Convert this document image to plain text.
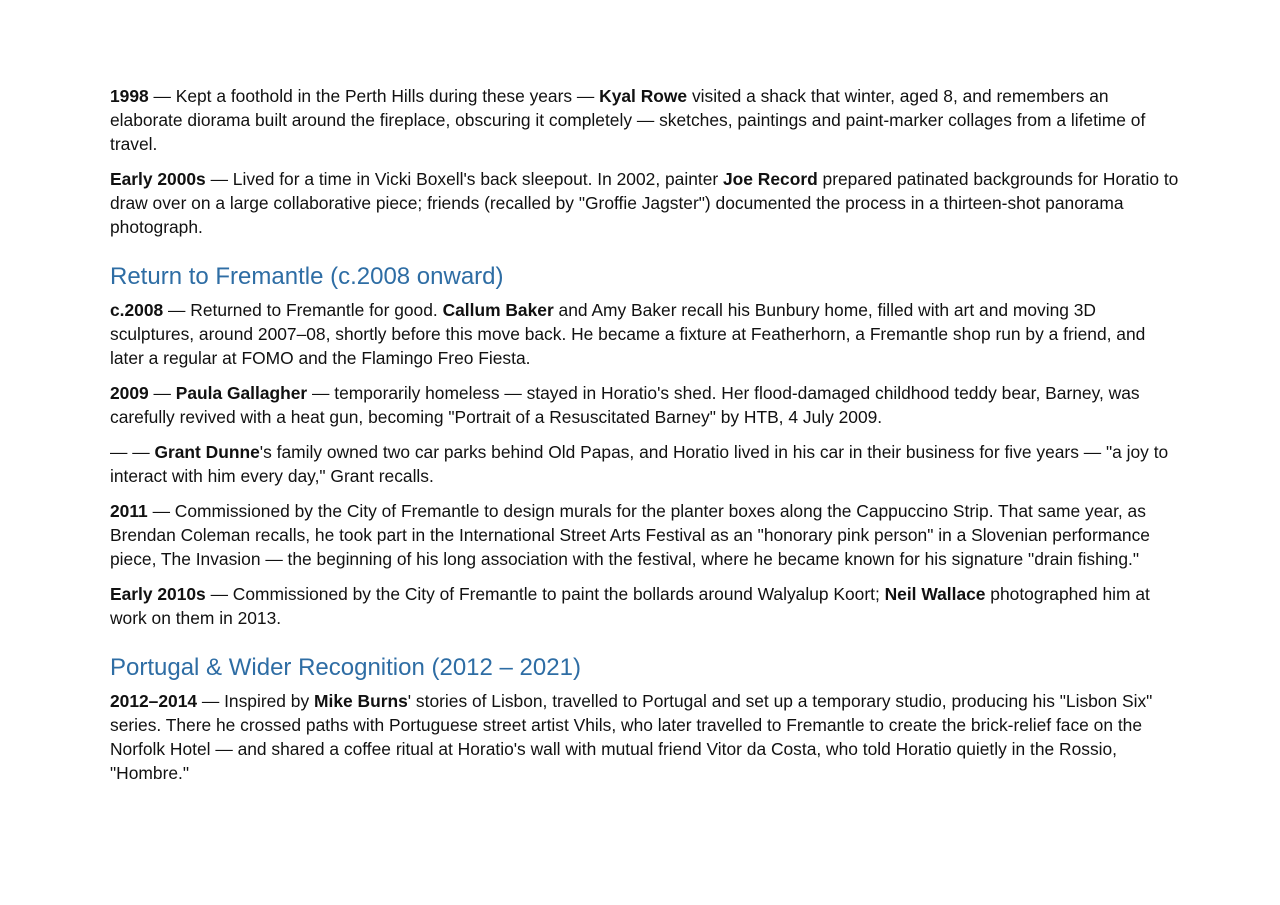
1998 — Kept a foothold in the Perth Hills during these years — Kyal Rowe visited a shack that winter, aged 8, and remembers an elaborate diorama built around the fireplace, obscuring it completely — sketches, paintings and paint-marker collages from a lifetime of travel.

Early 2000s — Lived for a time in Vicki Boxell's back sleepout. In 2002, painter Joe Record prepared patinated backgrounds for Horatio to draw over on a large collaborative piece; friends (recalled by "Groffie Jagster") documented the process in a thirteen-shot panorama photograph.

Return to Fremantle (c.2008 onward)

c.2008 — Returned to Fremantle for good. Callum Baker and Amy Baker recall his Bunbury home, filled with art and moving 3D sculptures, around 2007–08, shortly before this move back. He became a fixture at Featherhorn, a Fremantle shop run by a friend, and later a regular at FOMO and the Flamingo Freo Fiesta.

2009 — Paula Gallagher — temporarily homeless — stayed in Horatio's shed. Her flood-damaged childhood teddy bear, Barney, was carefully revived with a heat gun, becoming "Portrait of a Resuscitated Barney" by HTB, 4 July 2009.

— — Grant Dunne's family owned two car parks behind Old Papas, and Horatio lived in his car in their business for five years — "a joy to interact with him every day," Grant recalls.

2011 — Commissioned by the City of Fremantle to design murals for the planter boxes along the Cappuccino Strip. That same year, as Brendan Coleman recalls, he took part in the International Street Arts Festival as an "honorary pink person" in a Slovenian performance piece, The Invasion — the beginning of his long association with the festival, where he became known for his signature "drain fishing."

Early 2010s — Commissioned by the City of Fremantle to paint the bollards around Walyalup Koort; Neil Wallace photographed him at work on them in 2013.

Portugal & Wider Recognition (2012 – 2021)

2012–2014 — Inspired by Mike Burns' stories of Lisbon, travelled to Portugal and set up a temporary studio, producing his "Lisbon Six" series. There he crossed paths with Portuguese street artist Vhils, who later travelled to Fremantle to create the brick-relief face on the Norfolk Hotel — and shared a coffee ritual at Horatio's wall with mutual friend Vitor da Costa, who told Horatio quietly in the Rossio, "Hombre."
